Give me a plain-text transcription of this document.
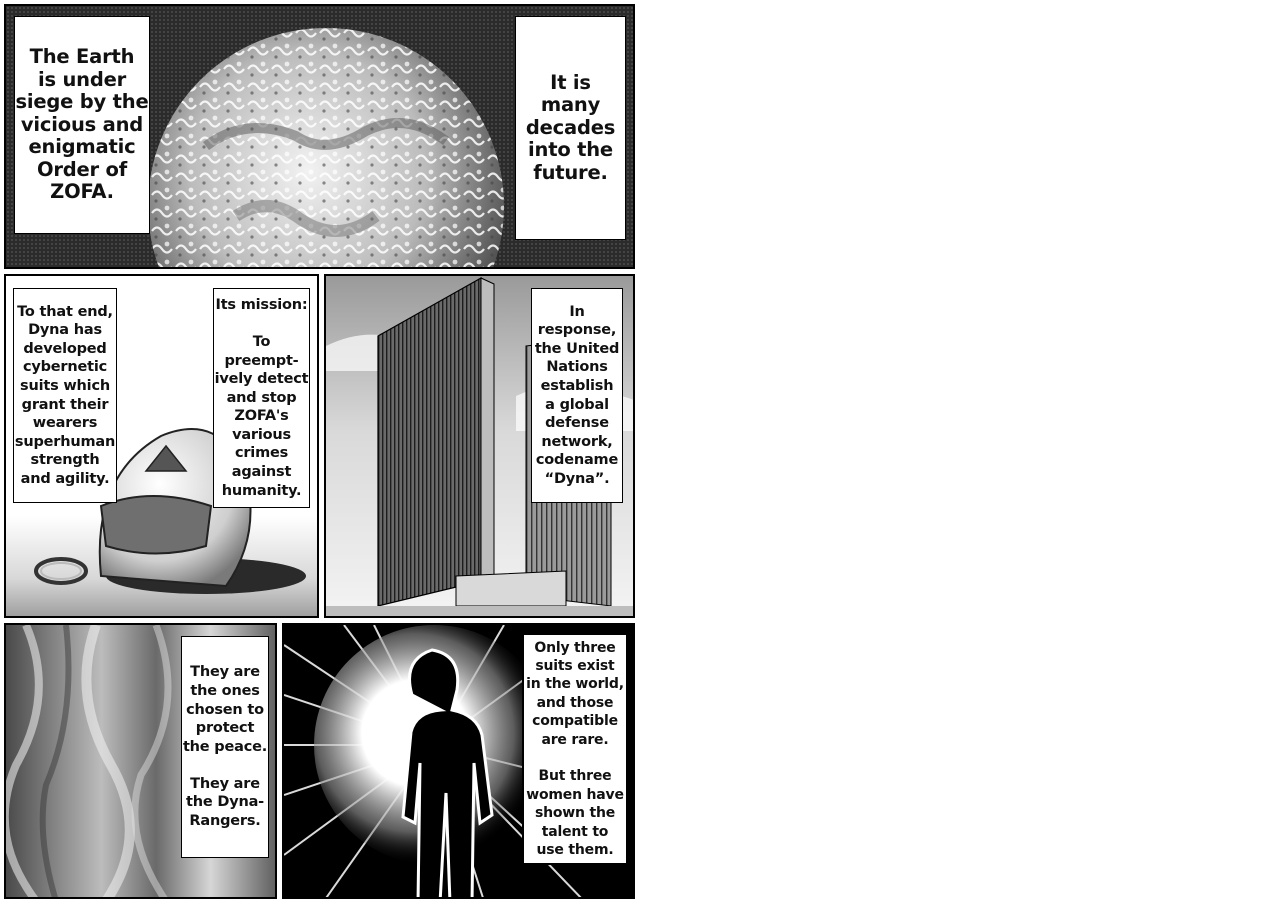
The Earth
is under
siege by the
vicious and
enigmatic
Order of
ZOFA.
It is
many
decades
into the
future.
To that end,
Dyna has
developed
cybernetic
suits which
grant their
wearers
superhuman
strength
and agility.
Its mission:

To preempt-
ively detect
and stop
ZOFA's
various
crimes
against
humanity.
In response,
the United
Nations
establish
a global
defense
network,
codename
“Dyna”.
They are
the ones
chosen to
protect
the peace.

They are
the Dyna-
Rangers.
Only three
suits exist
in the world,
and those
compatible
are rare.

But three
women have
shown the
talent to
use them.
